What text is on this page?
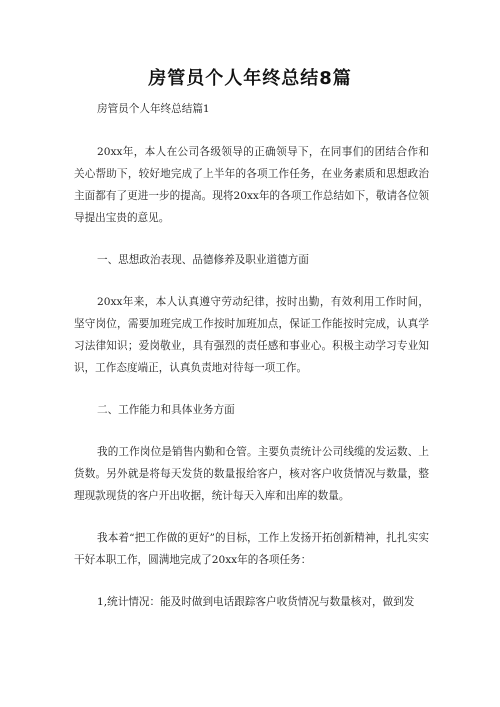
房管员个人年终总结8篇

房管员个人年终总结篇1

20xx年，本人在公司各级领导的正确领导下，在同事们的团结合作和关心帮助下，较好地完成了上半年的各项工作任务，在业务素质和思想政治主面都有了更进一步的提高。现将20xx年的各项工作总结如下，敬请各位领导提出宝贵的意见。

一、思想政治表现、品德修养及职业道德方面

20xx年来，本人认真遵守劳动纪律，按时出勤，有效利用工作时间，坚守岗位，需要加班完成工作按时加班加点，保证工作能按时完成，认真学习法律知识；爱岗敬业，具有强烈的责任感和事业心。积极主动学习专业知识，工作态度端正，认真负责地对待每一项工作。

二、工作能力和具体业务方面

我的工作岗位是销售内勤和仓管。主要负责统计公司线缆的发运数、上货数。另外就是将每天发货的数量报给客户，核对客户收货情况与数量，整理现款现货的客户开出收据，统计每天入库和出库的数量。

我本着“把工作做的更好”的目标，工作上发扬开拓创新精神，扎扎实实干好本职工作，圆满地完成了20xx年的各项任务：

1,统计情况：能及时做到电话跟踪客户收货情况与数量核对，做到发
